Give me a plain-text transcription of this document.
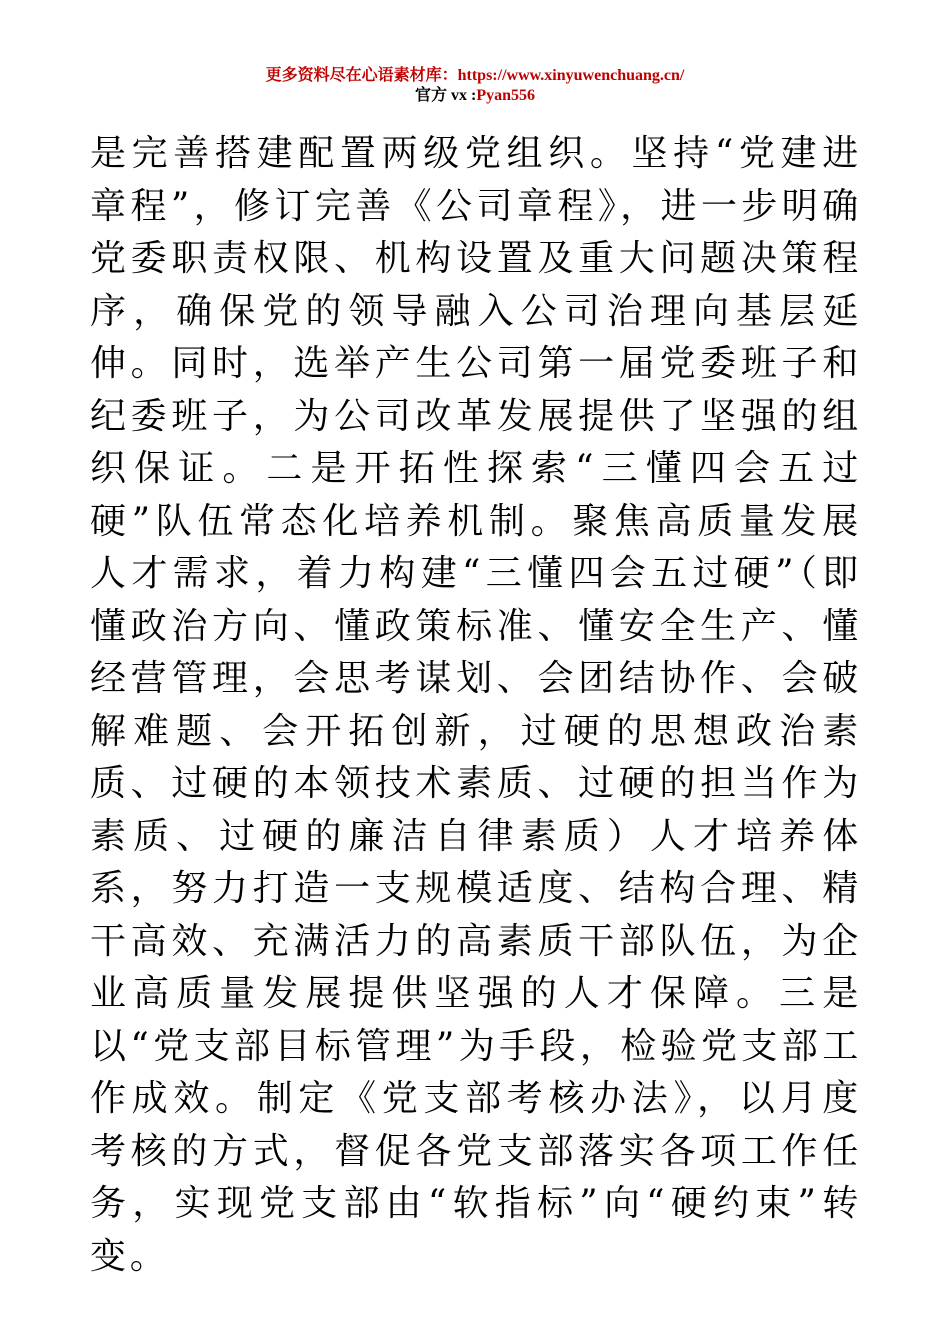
更多资料尽在心语素材库：https://www.xinyuwenchuang.cn/
官方 vx :Pyan556

是完善搭建配置两级党组织。坚持“党建进章程”，修订完善《公司章程》，进一步明确党委职责权限、机构设置及重大问题决策程序，确保党的领导融入公司治理向基层延伸。同时，选举产生公司第一届党委班子和纪委班子，为公司改革发展提供了坚强的组织保证。二是开拓性探索“三懂四会五过硬”队伍常态化培养机制。聚焦高质量发展人才需求，着力构建“三懂四会五过硬”（即懂政治方向、懂政策标准、懂安全生产、懂经营管理，会思考谋划、会团结协作、会破解难题、会开拓创新，过硬的思想政治素质、过硬的本领技术素质、过硬的担当作为素质、过硬的廉洁自律素质）人才培养体系，努力打造一支规模适度、结构合理、精干高效、充满活力的高素质干部队伍，为企业高质量发展提供坚强的人才保障。三是以“党支部目标管理”为手段，检验党支部工作成效。制定《党支部考核办法》，以月度考核的方式，督促各党支部落实各项工作任务，实现党支部由“软指标”向“硬约束”转变。
